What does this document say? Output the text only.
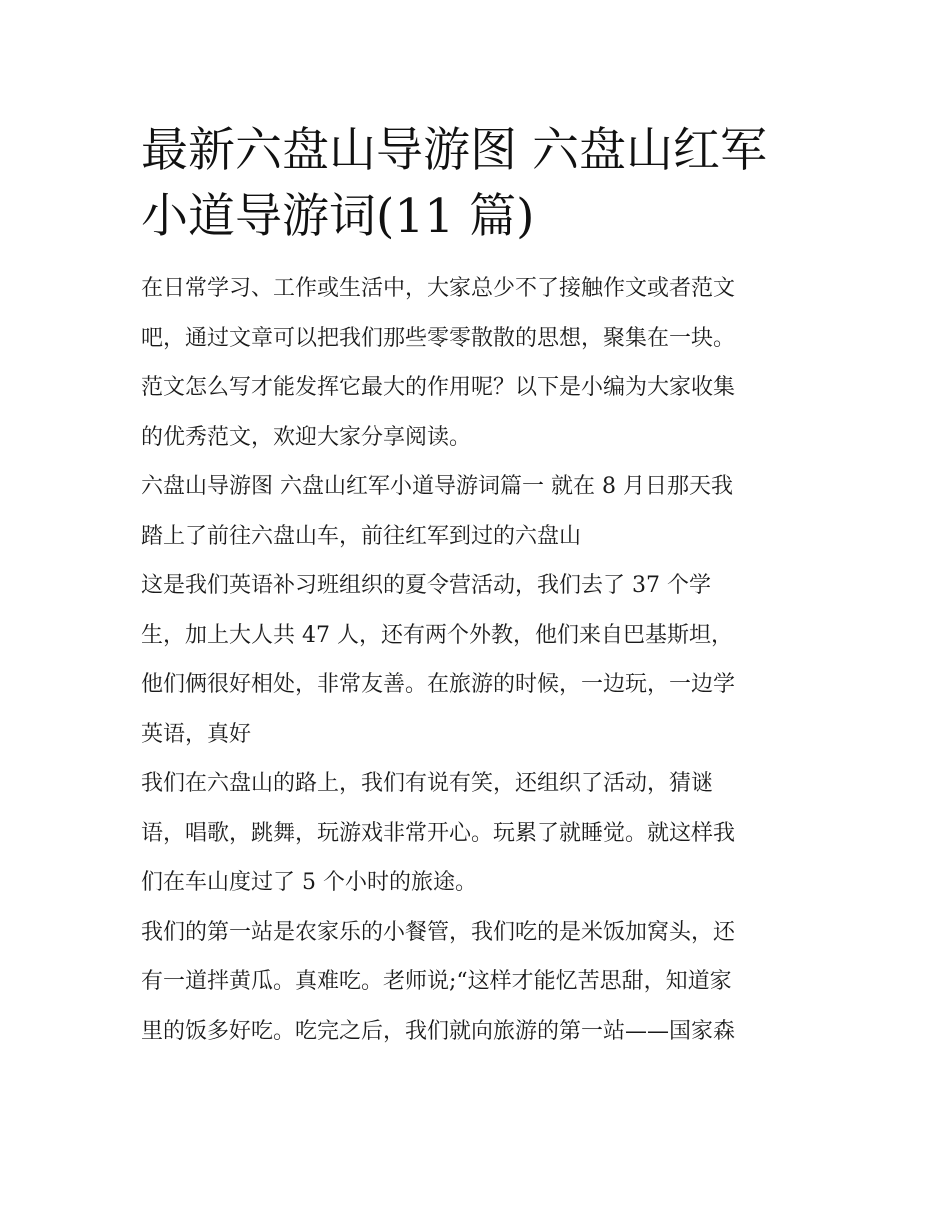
最新六盘山导游图 六盘山红军
小道导游词(11 篇)

在日常学习、工作或生活中，大家总少不了接触作文或者范文
吧，通过文章可以把我们那些零零散散的思想，聚集在一块。
范文怎么写才能发挥它最大的作用呢？以下是小编为大家收集
的优秀范文，欢迎大家分享阅读。

六盘山导游图 六盘山红军小道导游词篇一 就在 8 月日那天我
踏上了前往六盘山车，前往红军到过的六盘山

这是我们英语补习班组织的夏令营活动，我们去了 37 个学
生，加上大人共 47 人，还有两个外教，他们来自巴基斯坦，
他们俩很好相处，非常友善。在旅游的时候，一边玩，一边学
英语，真好

我们在六盘山的路上，我们有说有笑，还组织了活动，猜谜
语，唱歌，跳舞，玩游戏非常开心。玩累了就睡觉。就这样我
们在车山度过了 5 个小时的旅途。

我们的第一站是农家乐的小餐管，我们吃的是米饭加窝头，还
有一道拌黄瓜。真难吃。老师说;“这样才能忆苦思甜，知道家
里的饭多好吃。吃完之后，我们就向旅游的第一站——国家森
